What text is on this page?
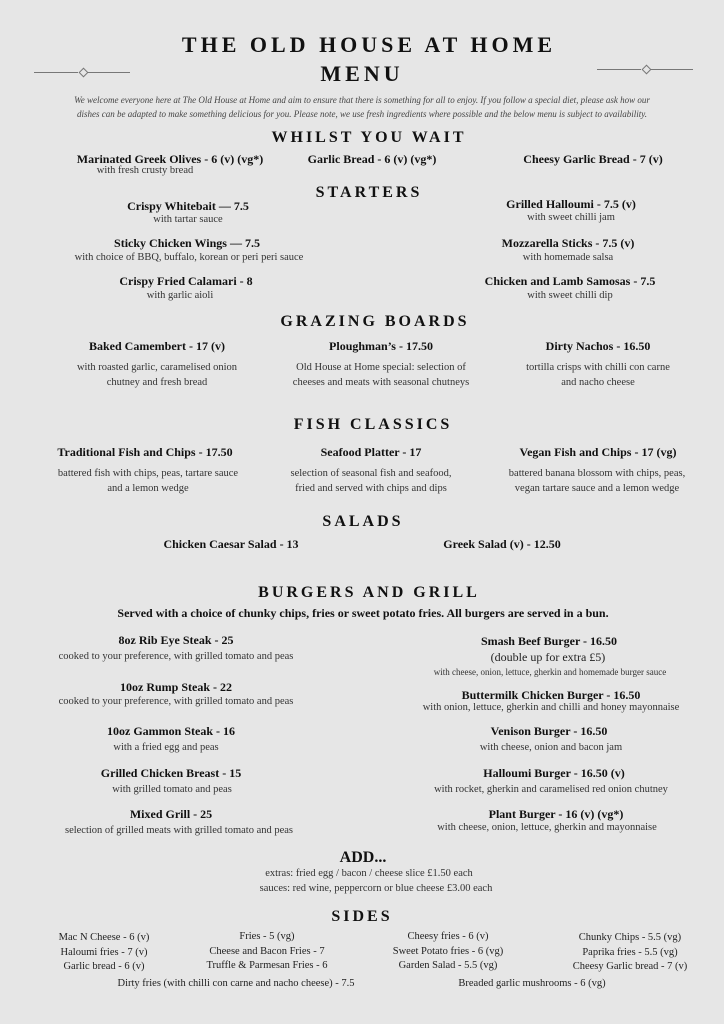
THE OLD HOUSE AT HOME
MENU
We welcome everyone here at The Old House at Home and aim to ensure that there is something for all to enjoy. If you follow a special diet, please ask how our
dishes can be adapted to make something delicious for you. Please note, we use fresh ingredients where possible and the below menu is subject to availability.
WHILST YOU WAIT
Marinated Greek Olives - 6 (v) (vg*)
with fresh crusty bread
Garlic Bread - 6 (v) (vg*)	Cheesy Garlic Bread - 7 (v)
STARTERS
Crispy Whitebait — 7.5
with tartar sauce
Grilled Halloumi - 7.5 (v)
with sweet chilli jam
Sticky Chicken Wings — 7.5
with choice of BBQ, buffalo, korean or peri peri sauce
Mozzarella Sticks - 7.5 (v)
with homemade salsa
Crispy Fried Calamari - 8
with garlic aioli
Chicken and Lamb Samosas - 7.5
with sweet chilli dip
GRAZING BOARDS
Baked Camembert - 17 (v)
with roasted garlic, caramelised onion
chutney and fresh bread
Ploughman’s - 17.50
Old House at Home special: selection of
cheeses and meats with seasonal chutneys
Dirty Nachos - 16.50
tortilla crisps with chilli con carne
and nacho cheese
FISH CLASSICS
Traditional Fish and Chips - 17.50
battered fish with chips, peas, tartare sauce
and a lemon wedge
Seafood Platter - 17
selection of seasonal fish and seafood,
fried and served with chips and dips
Vegan Fish and Chips - 17 (vg)
battered banana blossom with chips, peas,
vegan tartare sauce and a lemon wedge
SALADS
Chicken Caesar Salad - 13	Greek Salad (v) - 12.50
BURGERS AND GRILL
Served with a choice of chunky chips, fries or sweet potato fries. All burgers are served in a bun.
8oz Rib Eye Steak - 25
cooked to your preference, with grilled tomato and peas
10oz Rump Steak - 22
cooked to your preference, with grilled tomato and peas
10oz Gammon Steak - 16
with a fried egg and peas
Grilled Chicken Breast - 15
with grilled tomato and peas
Mixed Grill - 25
selection of grilled meats with grilled tomato and peas
Smash Beef Burger - 16.50
(double up for extra £5)
with cheese, onion, lettuce, gherkin and homemade burger sauce
Buttermilk Chicken Burger - 16.50
with onion, lettuce, gherkin and chilli and honey mayonnaise
Venison Burger - 16.50
with cheese, onion and bacon jam
Halloumi Burger - 16.50 (v)
with rocket, gherkin and caramelised red onion chutney
Plant Burger - 16 (v) (vg*)
with cheese, onion, lettuce, gherkin and mayonnaise
ADD...
extras: fried egg / bacon / cheese slice £1.50 each
sauces: red wine, peppercorn or blue cheese £3.00 each
SIDES
Mac N Cheese - 6 (v)
Haloumi fries - 7 (v)
Garlic bread - 6 (v)
Fries - 5 (vg)
Cheese and Bacon Fries - 7
Truffle & Parmesan Fries - 6
Cheesy fries - 6 (v)
Sweet Potato fries - 6 (vg)
Garden Salad - 5.5 (vg)
Chunky Chips - 5.5 (vg)
Paprika fries - 5.5 (vg)
Cheesy Garlic bread - 7 (v)
Dirty fries (with chilli con carne and nacho cheese) - 7.5	Breaded garlic mushrooms - 6 (vg)
